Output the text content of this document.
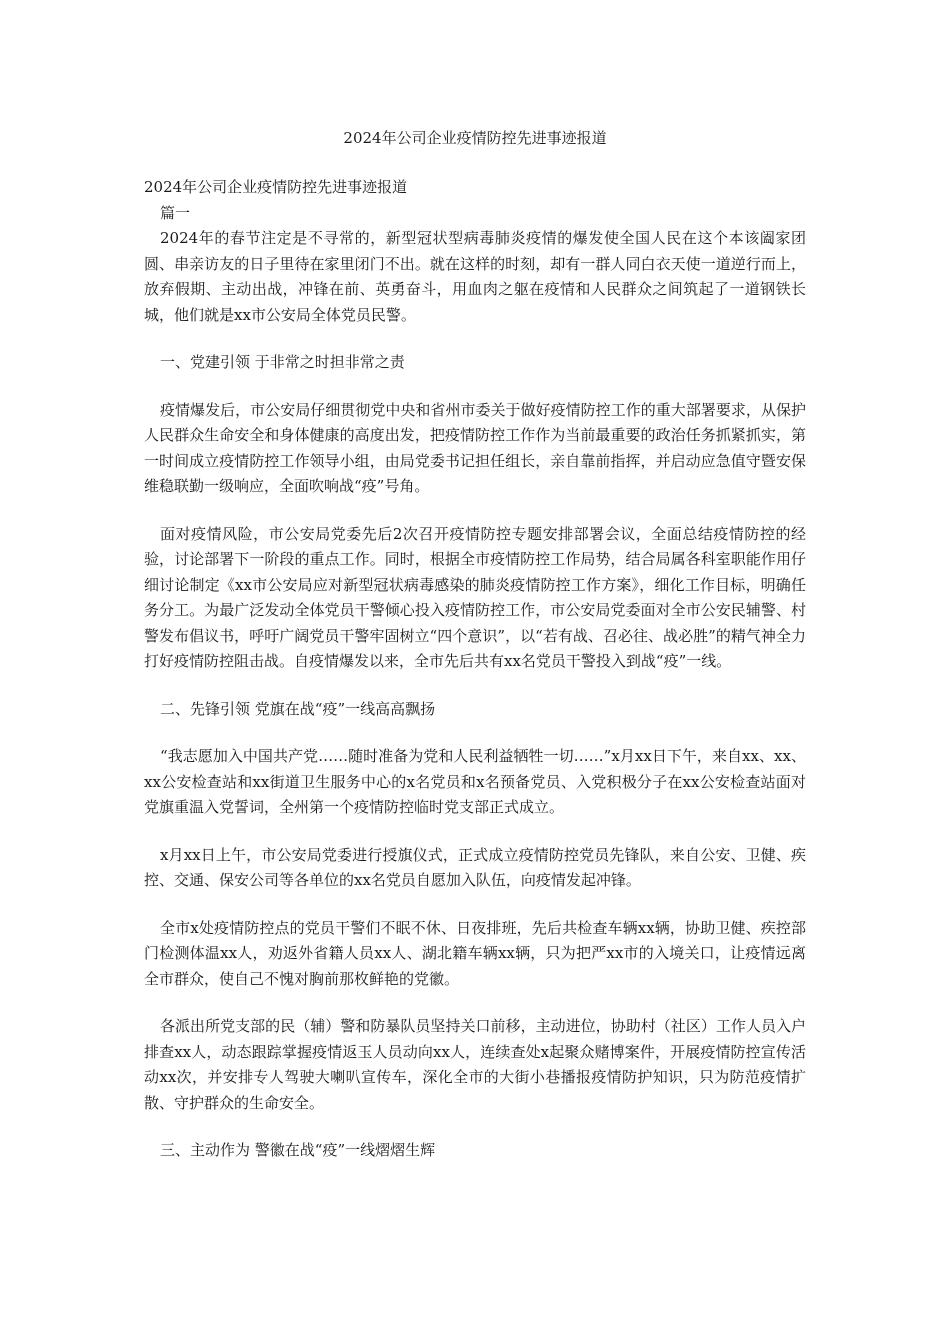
2024年公司企业疫情防控先进事迹报道

2024年公司企业疫情防控先进事迹报道

篇一

2024年的春节注定是不寻常的，新型冠状型病毒肺炎疫情的爆发使全国人民在这个本该阖家团圆、串亲访友的日子里待在家里闭门不出。就在这样的时刻，却有一群人同白衣天使一道逆行而上，放弃假期、主动出战，冲锋在前、英勇奋斗，用血肉之躯在疫情和人民群众之间筑起了一道钢铁长城，他们就是xx市公安局全体党员民警。

一、党建引领 于非常之时担非常之责

疫情爆发后，市公安局仔细贯彻党中央和省州市委关于做好疫情防控工作的重大部署要求，从保护人民群众生命安全和身体健康的高度出发，把疫情防控工作作为当前最重要的政治任务抓紧抓实，第一时间成立疫情防控工作领导小组，由局党委书记担任组长，亲自靠前指挥，并启动应急值守暨安保维稳联勤一级响应，全面吹响战“疫”号角。

面对疫情风险，市公安局党委先后2次召开疫情防控专题安排部署会议，全面总结疫情防控的经验，讨论部署下一阶段的重点工作。同时，根据全市疫情防控工作局势，结合局属各科室职能作用仔细讨论制定《xx市公安局应对新型冠状病毒感染的肺炎疫情防控工作方案》，细化工作目标，明确任务分工。为最广泛发动全体党员干警倾心投入疫情防控工作，市公安局党委面对全市公安民辅警、村警发布倡议书，呼吁广阔党员干警牢固树立“四个意识”，以“若有战、召必往、战必胜”的精气神全力打好疫情防控阻击战。自疫情爆发以来，全市先后共有xx名党员干警投入到战“疫”一线。

二、先锋引领 党旗在战“疫”一线高高飘扬

“我志愿加入中国共产党……随时准备为党和人民利益牺牲一切……”x月xx日下午，来自xx、xx、xx公安检查站和xx街道卫生服务中心的x名党员和x名预备党员、入党积极分子在xx公安检查站面对党旗重温入党誓词，全州第一个疫情防控临时党支部正式成立。

x月xx日上午，市公安局党委进行授旗仪式，正式成立疫情防控党员先锋队，来自公安、卫健、疾控、交通、保安公司等各单位的xx名党员自愿加入队伍，向疫情发起冲锋。

全市x处疫情防控点的党员干警们不眠不休、日夜排班，先后共检查车辆xx辆，协助卫健、疾控部门检测体温xx人，劝返外省籍人员xx人、湖北籍车辆xx辆，只为把严xx市的入境关口，让疫情远离全市群众，使自己不愧对胸前那枚鲜艳的党徽。

各派出所党支部的民（辅）警和防暴队员坚持关口前移，主动进位，协助村（社区）工作人员入户排查xx人，动态跟踪掌握疫情返玉人员动向xx人，连续查处x起聚众赌博案件，开展疫情防控宣传活动xx次，并安排专人驾驶大喇叭宣传车，深化全市的大街小巷播报疫情防护知识，只为防范疫情扩散、守护群众的生命安全。

三、主动作为 警徽在战“疫”一线熠熠生辉
